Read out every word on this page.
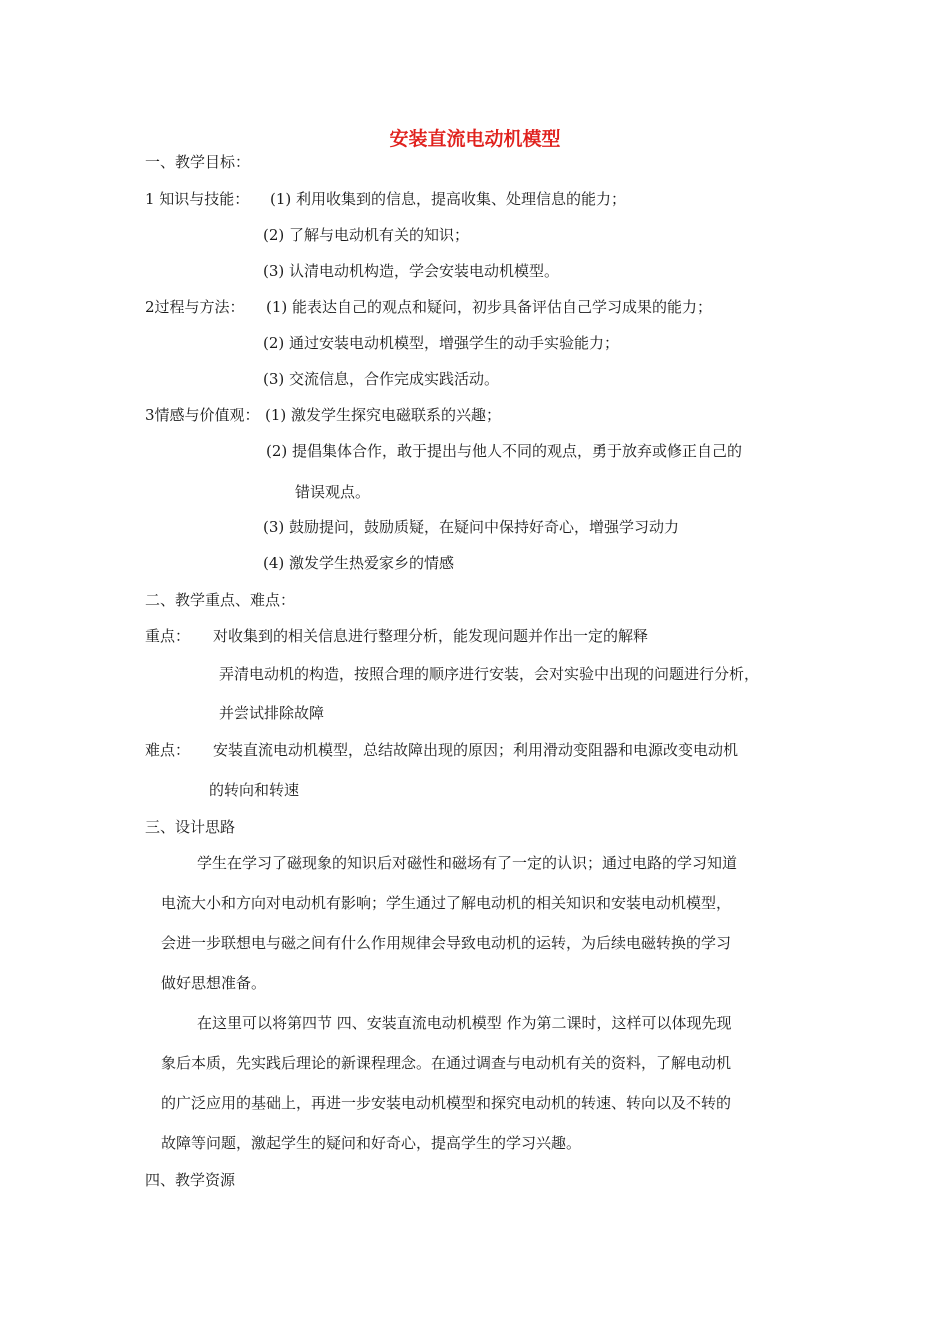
安装直流电动机模型
一、教学目标：
1 知识与技能： (1) 利用收集到的信息，提高收集、处理信息的能力；
(2) 了解与电动机有关的知识；
(3) 认清电动机构造，学会安装电动机模型。
2过程与方法： (1) 能表达自己的观点和疑问，初步具备评估自己学习成果的能力；
(2) 通过安装电动机模型，增强学生的动手实验能力；
(3) 交流信息，合作完成实践活动。
3情感与价值观： (1) 激发学生探究电磁联系的兴趣；
(2) 提倡集体合作，敢于提出与他人不同的观点，勇于放弃或修正自己的
错误观点。
(3) 鼓励提问，鼓励质疑，在疑问中保持好奇心，增强学习动力
(4) 激发学生热爱家乡的情感
二、教学重点、难点：
重点： 对收集到的相关信息进行整理分析，能发现问题并作出一定的解释
弄清电动机的构造，按照合理的顺序进行安装，会对实验中出现的问题进行分析，
并尝试排除故障
难点： 安装直流电动机模型，总结故障出现的原因；利用滑动变阻器和电源改变电动机
的转向和转速
三、设计思路
学生在学习了磁现象的知识后对磁性和磁场有了一定的认识；通过电路的学习知道
电流大小和方向对电动机有影响；学生通过了解电动机的相关知识和安装电动机模型，
会进一步联想电与磁之间有什么作用规律会导致电动机的运转，为后续电磁转换的学习
做好思想准备。
在这里可以将第四节 四、安装直流电动机模型 作为第二课时，这样可以体现先现
象后本质，先实践后理论的新课程理念。在通过调查与电动机有关的资料，了解电动机
的广泛应用的基础上，再进一步安装电动机模型和探究电动机的转速、转向以及不转的
故障等问题，激起学生的疑问和好奇心，提高学生的学习兴趣。
四、教学资源
